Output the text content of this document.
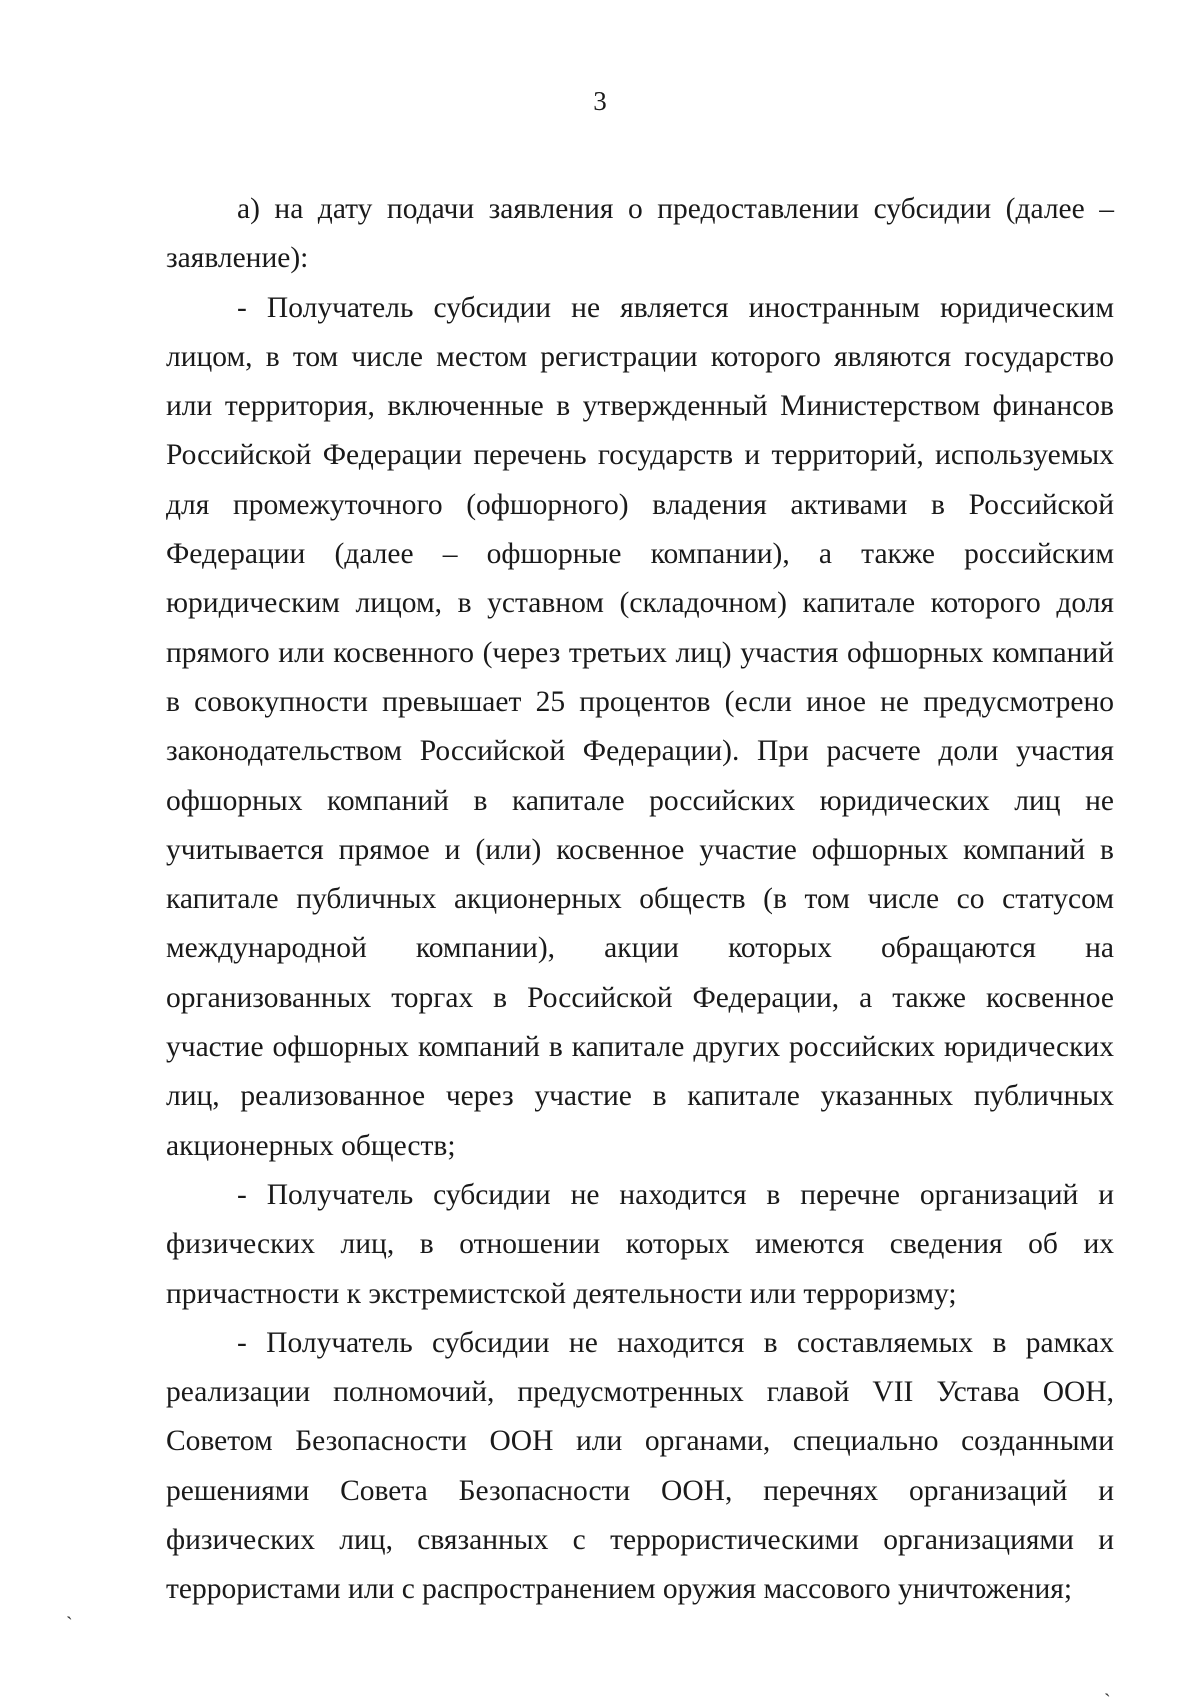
3

а) на дату подачи заявления о предоставлении субсидии (далее – заявление):

- Получатель субсидии не является иностранным юридическим лицом, в том числе местом регистрации которого являются государство или территория, включенные в утвержденный Министерством финансов Российской Федерации перечень государств и территорий, используемых для промежуточного (офшорного) владения активами в Российской Федерации (далее – офшорные компании), а также российским юридическим лицом, в уставном (складочном) капитале которого доля прямого или косвенного (через третьих лиц) участия офшорных компаний в совокупности превышает 25 процентов (если иное не предусмотрено законодательством Российской Федерации). При расчете доли участия офшорных компаний в капитале российских юридических лиц не учитывается прямое и (или) косвенное участие офшорных компаний в капитале публичных акционерных обществ (в том числе со статусом международной компании), акции которых обращаются на организованных торгах в Российской Федерации, а также косвенное участие офшорных компаний в капитале других российских юридических лиц, реализованное через участие в капитале указанных публичных акционерных обществ;

- Получатель субсидии не находится в перечне организаций и физических лиц, в отношении которых имеются сведения об их причастности к экстремистской деятельности или терроризму;

- Получатель субсидии не находится в составляемых в рамках реализации полномочий, предусмотренных главой VII Устава ООН, Советом Безопасности ООН или органами, специально созданными решениями Совета Безопасности ООН, перечнях организаций и физических лиц, связанных с террористическими организациями и террористами или с распространением оружия массового уничтожения;

ˏ
ˏ
